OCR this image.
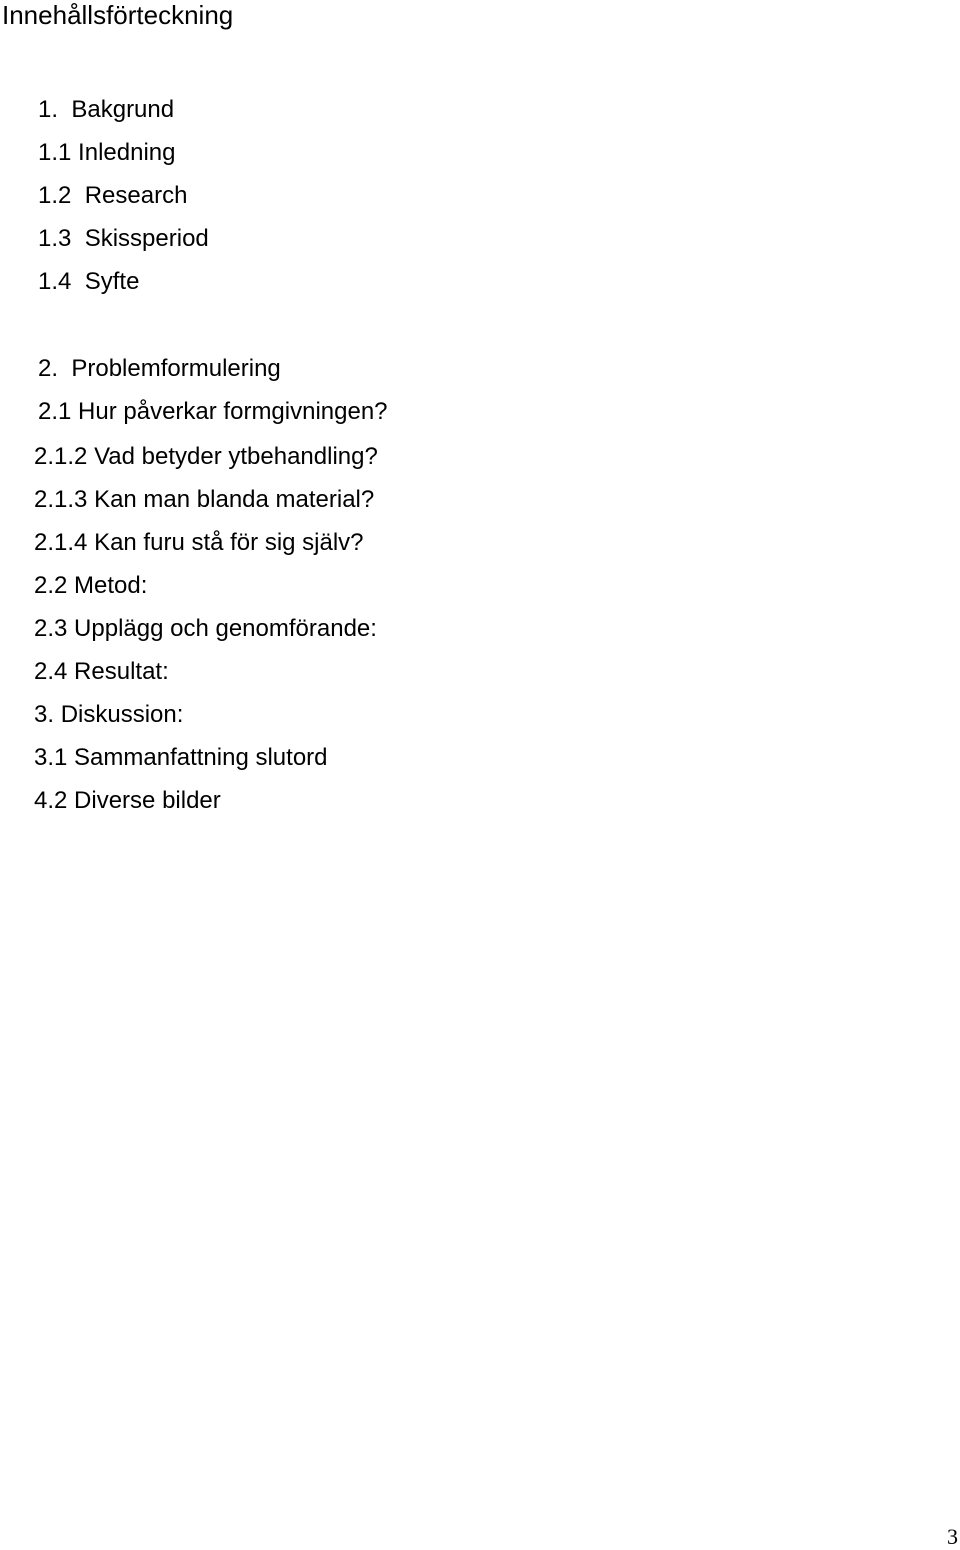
Innehållsförteckning
1. Bakgrund
1.1 Inledning
1.2 Research
1.3 Skissperiod
1.4 Syfte
2. Problemformulering
2.1 Hur påverkar formgivningen?
2.1.2 Vad betyder ytbehandling?
2.1.3 Kan man blanda material?
2.1.4 Kan furu stå för sig själv?
2.2 Metod:
2.3 Upplägg och genomförande:
2.4 Resultat:
3. Diskussion:
3.1 Sammanfattning slutord
4.2 Diverse bilder
3
